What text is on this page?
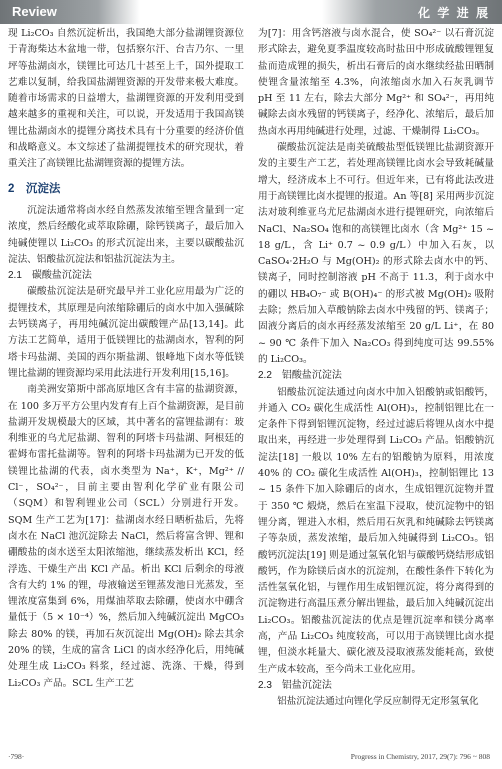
Review	化 学 进 展

现 Li₂CO₃ 自然沉淀析出，我国绝大部分盐湖锂资源位于青海柴达木盆地一带，包括察尔汗、台吉乃尔、一里坪等盐湖卤水，镁锂比可达几十甚至上千，国外提取工艺难以复制，给我国盐湖锂资源的开发带来极大难度。随着市场需求的日益增大，盐湖锂资源的开发利用受到越来越多的重视和关注，可以说，开发适用于我国高镁锂比盐湖卤水的提锂分离技术具有十分重要的经济价值和战略意义。本文综述了盐湖提锂技术的研究现状，着重关注了高镁锂比盐湖锂资源的提锂方法。

2　沉淀法

沉淀法通常将卤水经自然蒸发浓缩至锂含量到一定浓度，然后经酸化或萃取除硼，除钙镁离子，最后加入纯碱使锂以 Li₂CO₃ 的形式沉淀出来，主要以碳酸盐沉淀法、铝酸盐沉淀法和铝盐沉淀法为主。

2.1　碳酸盐沉淀法

碳酸盐沉淀法是研究最早并工业化应用最为广泛的提锂技术，其原理是向浓缩除硼后的卤水中加入强碱除去钙镁离子，再用纯碱沉淀出碳酸锂产品[13,14]。此方法工艺简单，适用于低镁锂比的盐湖卤水，智利的阿塔卡玛盐湖、美国的西尔斯盐湖、银峰地下卤水等低镁锂比盐湖的锂资源均采用此法进行开发利用[15,16]。

南美洲安第斯中部高原地区含有丰富的盐湖资源，在 100 多万平方公里内发育有上百个盐湖资源，是目前盐湖开发规模最大的区域，其中著名的富锂盐湖有：玻利维亚的乌尤尼盐湖、智利的阿塔卡玛盐湖、阿根廷的霍姆布雷托盐湖等。智利的阿塔卡玛盐湖为已开发的低镁锂比盐湖的代表，卤水类型为 Na⁺，K⁺，Mg²⁺ // Cl⁻，SO₄²⁻，目前主要由智利化学矿业有限公司（SQM）和智利锂业公司（SCL）分别进行开发。SQM 生产工艺为[17]：盐湖卤水经日晒析盐后，先将卤水在 NaCl 池沉淀除去 NaCl，然后将富含钾、锂和硼酸盐的卤水送至太阳浓缩池，继续蒸发析出 KCl，经浮选、干燥生产出 KCl 产品。析出 KCl 后剩余的母液含有大约 1% 的锂，母液输送至锂蒸发池日光蒸发，至锂浓度富集到 6%，用煤油萃取去除硼，使卤水中硼含量低于（5 × 10⁻⁴）%，然后加入纯碱沉淀出 MgCO₃ 除去 80% 的镁，再加石灰沉淀出 Mg(OH)₂ 除去其余 20% 的镁，生成的富含 LiCl 的卤水经净化后，用纯碱处理生成 Li₂CO₃ 料浆，经过滤、洗涤、干燥，得到 Li₂CO₃ 产品。SCL 生产工艺

为[7]：用含钙溶液与卤水混合，使 SO₄²⁻ 以石膏沉淀形式除去，避免夏季温度较高时盐田中形成硫酸锂锂复盐而造成锂的损失，析出石膏后的卤水继续经盐田晒制使锂含量浓缩至 4.3%，向浓缩卤水加入石灰乳调节 pH 至 11 左右，除去大部分 Mg²⁺ 和 SO₄²⁻，再用纯碱除去卤水残留的钙镁离子，经净化、浓缩后，最后加热卤水再用纯碱进行处理，过滤、干燥制得 Li₂CO₃。

碳酸盐沉淀法是南美硫酸盐型低镁锂比盐湖资源开发的主要生产工艺，若处理高镁锂比卤水会导致耗碱量增大，经济成本上不可行。但近年来，已有将此法改进用于高镁锂比卤水提锂的报道。An 等[8] 采用两步沉淀法对玻利维亚乌尤尼盐湖卤水进行提锂研究，向浓缩后 NaCl、Na₂SO₄ 饱和的高镁锂比卤水（含 Mg²⁺ 15 ~ 18 g/L，含 Li⁺ 0.7 ~ 0.9 g/L）中加入石灰，以 CaSO₄·2H₂O 与 Mg(OH)₂ 的形式除去卤水中的钙、镁离子，同时控制溶液 pH 不高于 11.3，利于卤水中的硼以 HB₄O₇⁻ 或 B(OH)₄⁻ 的形式被 Mg(OH)₂ 吸附去除；然后加入草酸钠除去卤水中残留的钙、镁离子；固液分离后的卤水再经蒸发浓缩至 20 g/L Li⁺，在 80 ~ 90 ℃ 条件下加入 Na₂CO₃ 得到纯度可达 99.55% 的 Li₂CO₃。

2.2　铝酸盐沉淀法

铝酸盐沉淀法通过向卤水中加入铝酸钠或铝酸钙，并通入 CO₂ 碳化生成活性 Al(OH)₃，控制铝锂比在一定条件下得到铝锂沉淀物，经过过滤后将锂从卤水中提取出来，再经进一步处理得到 Li₂CO₃ 产品。铝酸钠沉淀法[18] 一般以 10% 左右的铝酸钠为原料，用浓度 40% 的 CO₂ 碳化生成活性 Al(OH)₃，控制铝锂比 13 ~ 15 条件下加入除硼后的卤水，生成铝锂沉淀物并置于 350 ℃ 煅烧，然后在室温下浸取，使沉淀物中的铝锂分离，锂进入水相，然后用石灰乳和纯碱除去钙镁离子等杂质，蒸发浓缩，最后加入纯碱得到 Li₂CO₃。铝酸钙沉淀法[19] 则是通过氢氧化铝与碳酸钙烧结形成铝酸钙，作为除镁后卤水的沉淀剂，在酸性条件下转化为活性氢氧化铝，与锂作用生成铝锂沉淀，将分离得到的沉淀物进行高温压煮分解出锂盐，最后加入纯碱沉淀出 Li₂CO₃。铝酸盐沉淀法的优点是锂沉淀率和镁分离率高，产品 Li₂CO₃ 纯度较高，可以用于高镁锂比卤水提锂，但淡水耗量大、碳化液及浸取液蒸发能耗高，致使生产成本较高，至今尚未工业化应用。

2.3　铝盐沉淀法

铝盐沉淀法通过向锂化学反应制得无定形氢氧化

·798·	Progress in Chemistry, 2017, 29(7): 796 ~ 808
